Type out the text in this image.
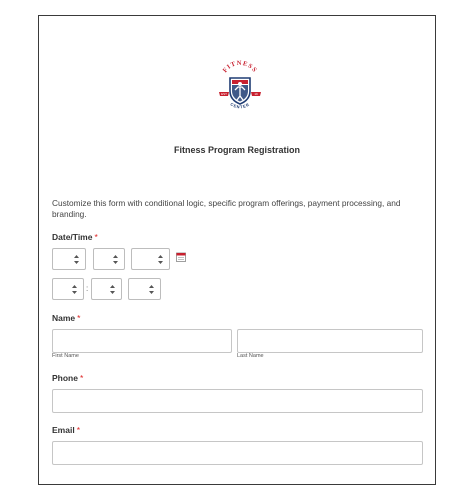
FITNESS
EST	19
CENTER
Fitness Program Registration
Customize this form with conditional logic, specific program offerings, payment processing, and branding.
Date/Time *
:
Name *
First Name	Last Name
Phone *
Email *
